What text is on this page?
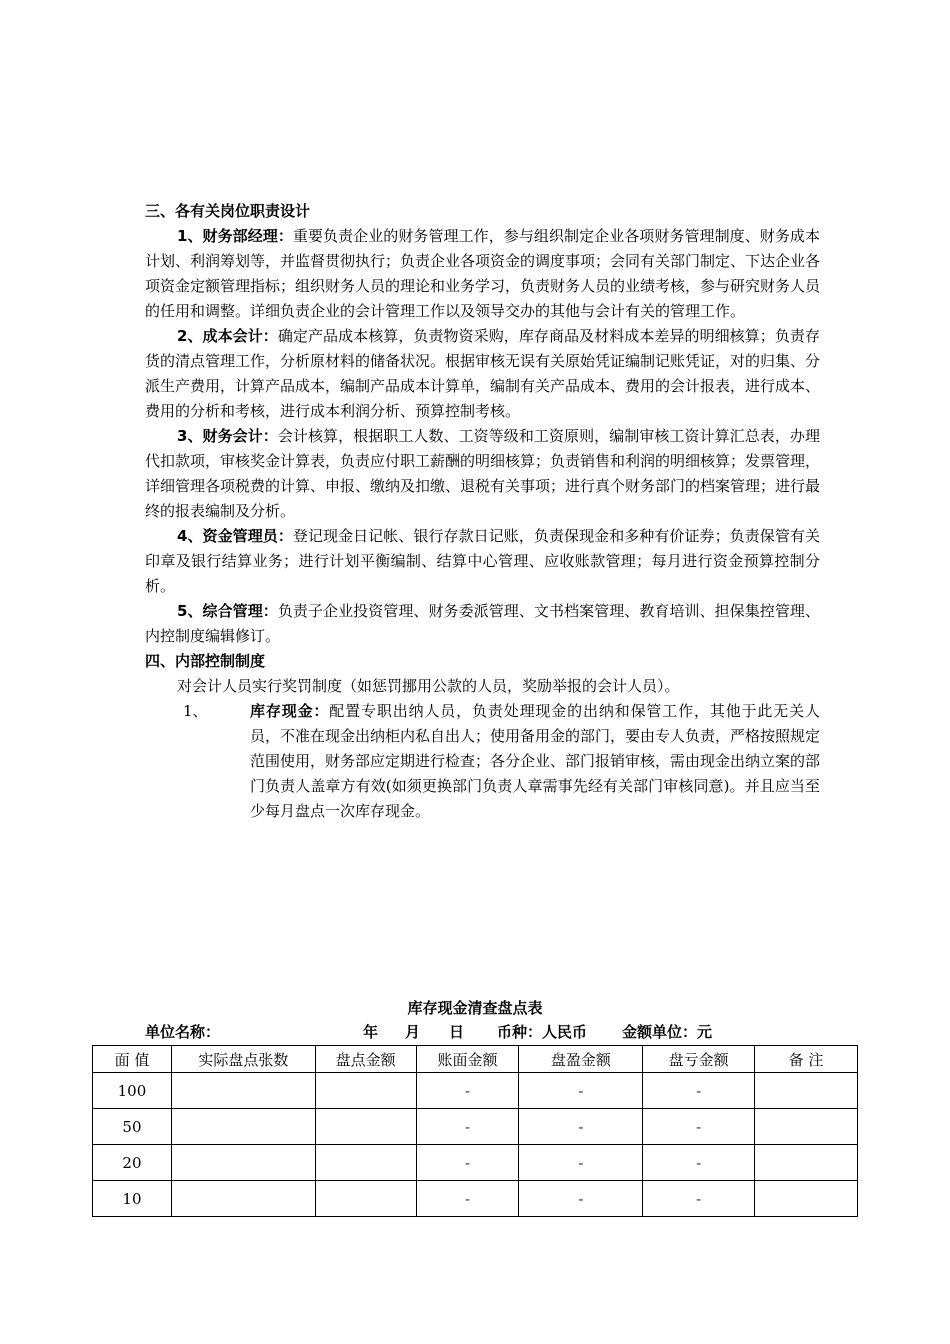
三、各有关岗位职责设计

1、财务部经理：重要负责企业的财务管理工作，参与组织制定企业各项财务管理制度、财务成本计划、利润筹划等，并监督贯彻执行；负责企业各项资金的调度事项；会同有关部门制定、下达企业各项资金定额管理指标；组织财务人员的理论和业务学习，负责财务人员的业绩考核，参与研究财务人员的任用和调整。详细负责企业的会计管理工作以及领导交办的其他与会计有关的管理工作。

2、成本会计：确定产品成本核算，负责物资采购，库存商品及材料成本差异的明细核算；负责存货的清点管理工作，分析原材料的储备状况。根据审核无误有关原始凭证编制记账凭证，对的归集、分派生产费用，计算产品成本，编制产品成本计算单，编制有关产品成本、费用的会计报表，进行成本、费用的分析和考核，进行成本利润分析、预算控制考核。

3、财务会计：会计核算，根据职工人数、工资等级和工资原则，编制审核工资计算汇总表，办理代扣款项，审核奖金计算表，负责应付职工薪酬的明细核算；负责销售和利润的明细核算；发票管理，详细管理各项税费的计算、申报、缴纳及扣缴、退税有关事项；进行真个财务部门的档案管理；进行最终的报表编制及分析。

4、资金管理员：登记现金日记帐、银行存款日记账，负责保现金和多种有价证券；负责保管有关印章及银行结算业务；进行计划平衡编制、结算中心管理、应收账款管理；每月进行资金预算控制分析。

5、综合管理：负责子企业投资管理、财务委派管理、文书档案管理、教育培训、担保集控管理、内控制度编辑修订。

四、内部控制制度

对会计人员实行奖罚制度（如惩罚挪用公款的人员，奖励举报的会计人员）。

1、	库存现金：配置专职出纳人员，负责处理现金的出纳和保管工作，其他于此无关人员，不准在现金出纳柜内私自出人；使用备用金的部门，要由专人负责，严格按照规定范围使用，财务部应定期进行检查；各分企业、部门报销审核，需由现金出纳立案的部门负责人盖章方有效(如须更换部门负责人章需事先经有关部门审核同意)。并且应当至少每月盘点一次库存现金。
库存现金清查盘点表
单位名称：	年 月 日 币种：人民币 金额单位：元
面 值	实际盘点张数	盘点金额	账面金额	盘盈金额	盘亏金额	备 注
100			-	-	-	
50			-	-	-	
20			-	-	-	
10			-	-	-	
